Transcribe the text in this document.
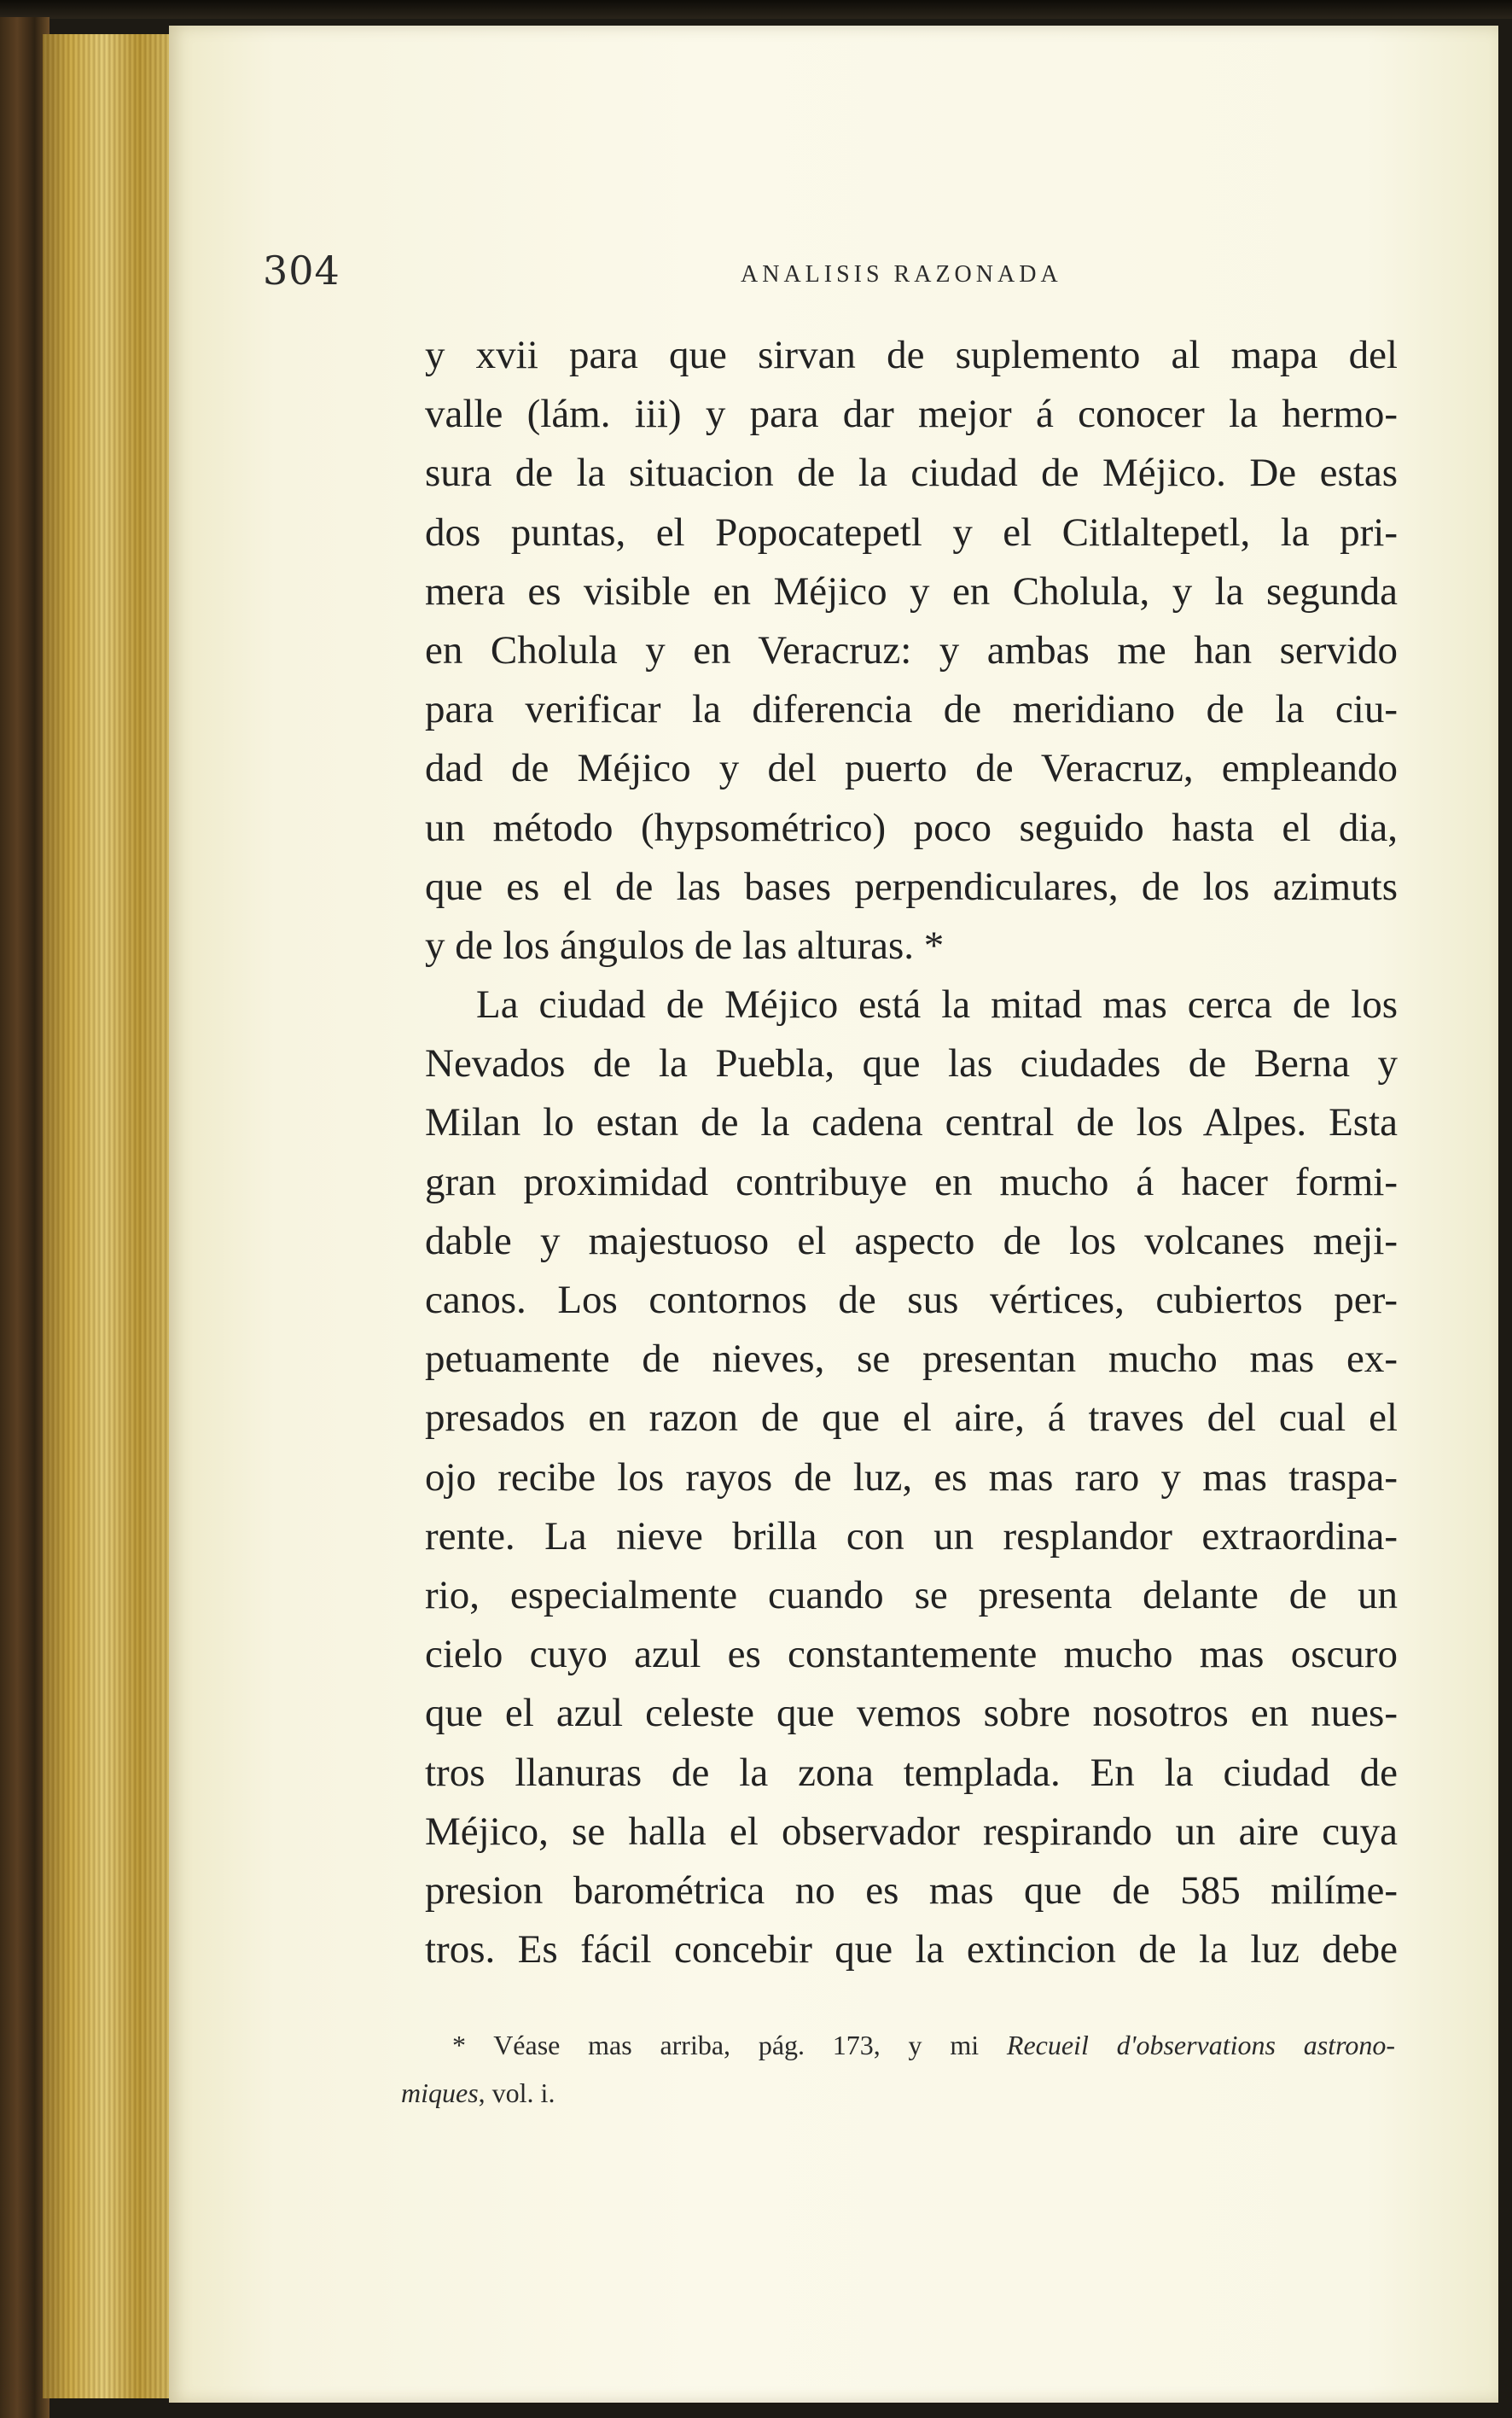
304	ANALISIS RAZONADA
y xvii para que sirvan de suplemento al mapa del
valle (lám. iii) y para dar mejor á conocer la hermo-
sura de la situacion de la ciudad de Méjico. De estas
dos puntas, el Popocatepetl y el Citlaltepetl, la pri-
mera es visible en Méjico y en Cholula, y la segunda
en Cholula y en Veracruz: y ambas me han servido
para verificar la diferencia de meridiano de la ciu-
dad de Méjico y del puerto de Veracruz, empleando
un método (hypsométrico) poco seguido hasta el dia,
que es el de las bases perpendiculares, de los azimuts
y de los ángulos de las alturas. *
La ciudad de Méjico está la mitad mas cerca de los
Nevados de la Puebla, que las ciudades de Berna y
Milan lo estan de la cadena central de los Alpes. Esta
gran proximidad contribuye en mucho á hacer formi-
dable y majestuoso el aspecto de los volcanes meji-
canos. Los contornos de sus vértices, cubiertos per-
petuamente de nieves, se presentan mucho mas ex-
presados en razon de que el aire, á traves del cual el
ojo recibe los rayos de luz, es mas raro y mas traspa-
rente. La nieve brilla con un resplandor extraordina-
rio, especialmente cuando se presenta delante de un
cielo cuyo azul es constantemente mucho mas oscuro
que el azul celeste que vemos sobre nosotros en nues-
tros llanuras de la zona templada. En la ciudad de
Méjico, se halla el observador respirando un aire cuya
presion barométrica no es mas que de 585 milíme-
tros. Es fácil concebir que la extincion de la luz debe
* Véase mas arriba, pág. 173, y mi Recueil d'observations astrono-
miques, vol. i.
